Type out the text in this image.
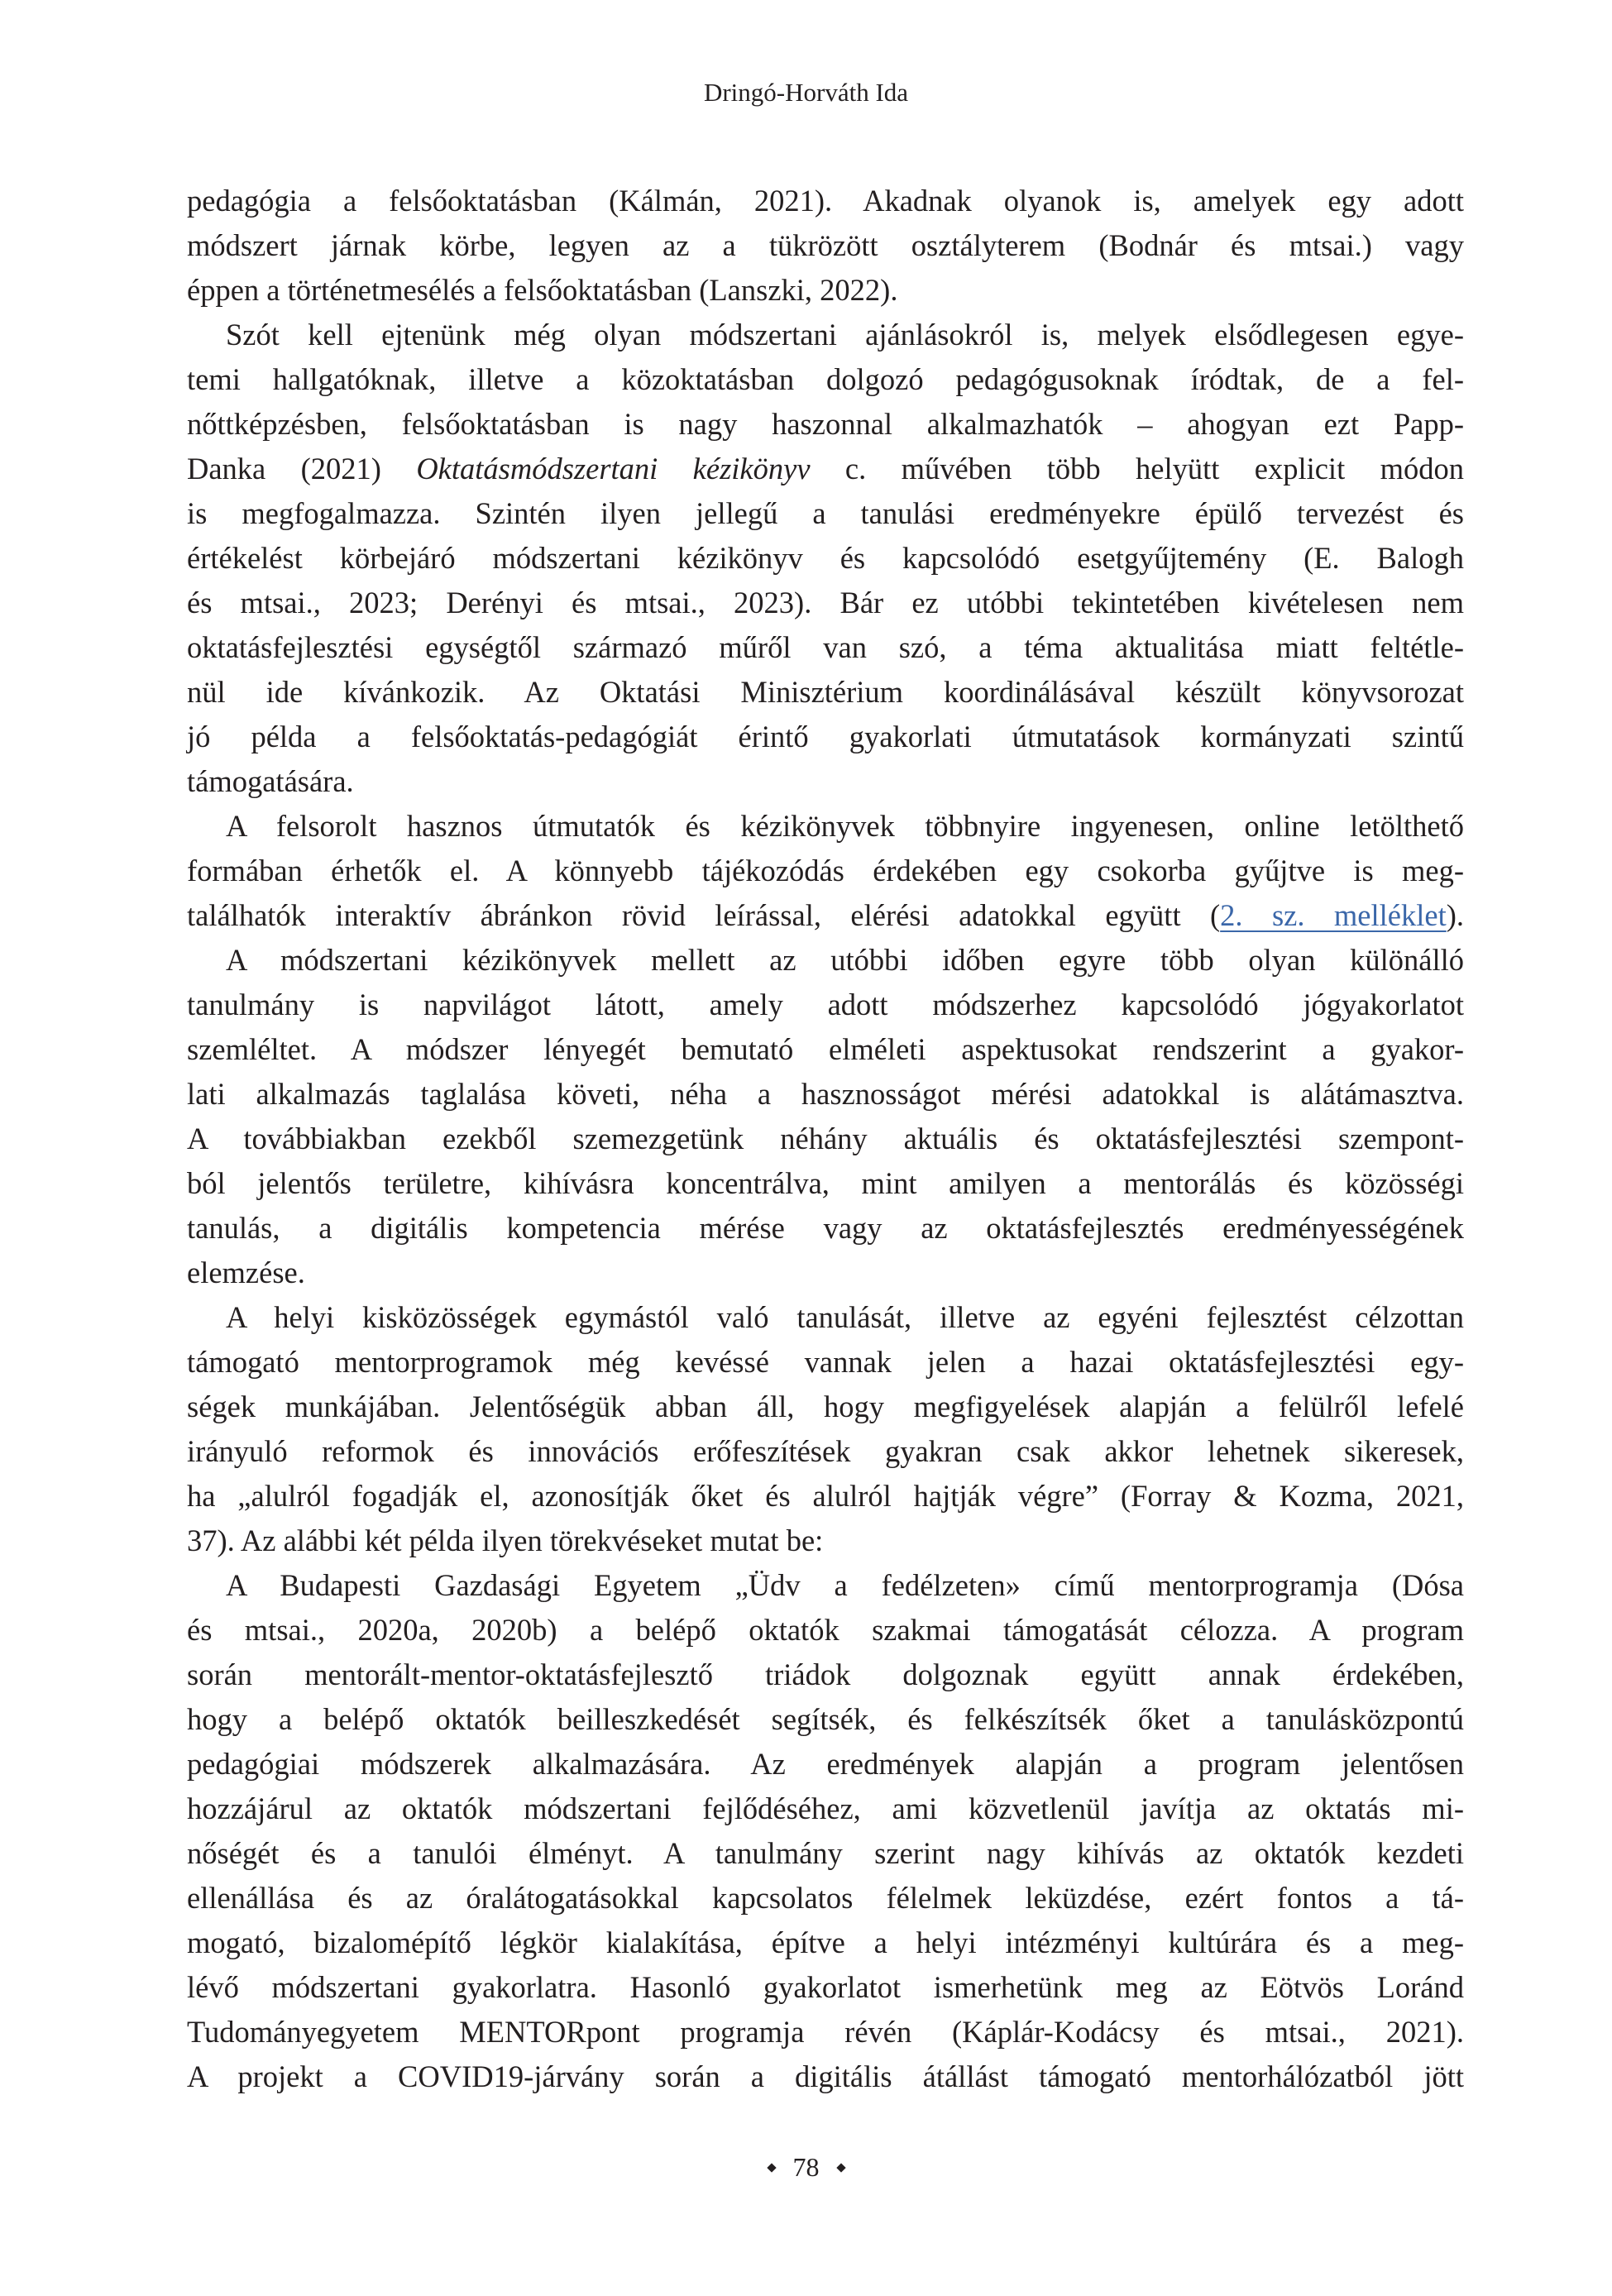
Dringó-Horváth Ida
pedagógia a felsőoktatásban (Kálmán, 2021). Akadnak olyanok is, amelyek egy adott
módszert járnak körbe, legyen az a tükrözött osztályterem (Bodnár és mtsai.) vagy
éppen a történetmesélés a felsőoktatásban (Lanszki, 2022).
Szót kell ejtenünk még olyan módszertani ajánlásokról is, melyek elsődlegesen egye-
temi hallgatóknak, illetve a közoktatásban dolgozó pedagógusoknak íródtak, de a fel-
nőttképzésben, felsőoktatásban is nagy haszonnal alkalmazhatók – ahogyan ezt Papp-
Danka (2021) Oktatásmódszertani kézikönyv c. művében több helyütt explicit módon
is megfogalmazza. Szintén ilyen jellegű a tanulási eredményekre épülő tervezést és
értékelést körbejáró módszertani kézikönyv és kapcsolódó esetgyűjtemény (E. Balogh
és mtsai., 2023; Derényi és mtsai., 2023). Bár ez utóbbi tekintetében kivételesen nem
oktatásfejlesztési egységtől származó műről van szó, a téma aktualitása miatt feltétle-
nül ide kívánkozik. Az Oktatási Minisztérium koordinálásával készült könyvsorozat
jó példa a felsőoktatás-pedagógiát érintő gyakorlati útmutatások kormányzati szintű
támogatására.
A felsorolt hasznos útmutatók és kézikönyvek többnyire ingyenesen, online letölthető
formában érhetők el. A könnyebb tájékozódás érdekében egy csokorba gyűjtve is meg-
találhatók interaktív ábránkon rövid leírással, elérési adatokkal együtt (2. sz. melléklet).
A módszertani kézikönyvek mellett az utóbbi időben egyre több olyan különálló
tanulmány is napvilágot látott, amely adott módszerhez kapcsolódó jógyakorlatot
szemléltet. A módszer lényegét bemutató elméleti aspektusokat rendszerint a gyakor-
lati alkalmazás taglalása követi, néha a hasznosságot mérési adatokkal is alátámasztva.
A továbbiakban ezekből szemezgetünk néhány aktuális és oktatásfejlesztési szempont-
ból jelentős területre, kihívásra koncentrálva, mint amilyen a mentorálás és közösségi
tanulás, a digitális kompetencia mérése vagy az oktatásfejlesztés eredményességének
elemzése.
A helyi kisközösségek egymástól való tanulását, illetve az egyéni fejlesztést célzottan
támogató mentorprogramok még kevéssé vannak jelen a hazai oktatásfejlesztési egy-
ségek munkájában. Jelentőségük abban áll, hogy megfigyelések alapján a felülről lefelé
irányuló reformok és innovációs erőfeszítések gyakran csak akkor lehetnek sikeresek,
ha „alulról fogadják el, azonosítják őket és alulról hajtják végre” (Forray & Kozma, 2021,
37). Az alábbi két példa ilyen törekvéseket mutat be:
A Budapesti Gazdasági Egyetem „Üdv a fedélzeten» című mentorprogramja (Dósa
és mtsai., 2020a, 2020b) a belépő oktatók szakmai támogatását célozza. A program
során mentorált-mentor-oktatásfejlesztő triádok dolgoznak együtt annak érdekében,
hogy a belépő oktatók beilleszkedését segítsék, és felkészítsék őket a tanulásközpontú
pedagógiai módszerek alkalmazására. Az eredmények alapján a program jelentősen
hozzájárul az oktatók módszertani fejlődéséhez, ami közvetlenül javítja az oktatás mi-
nőségét és a tanulói élményt. A tanulmány szerint nagy kihívás az oktatók kezdeti
ellenállása és az óralátogatásokkal kapcsolatos félelmek leküzdése, ezért fontos a tá-
mogató, bizalomépítő légkör kialakítása, építve a helyi intézményi kultúrára és a meg-
lévő módszertani gyakorlatra. Hasonló gyakorlatot ismerhetünk meg az Eötvös Loránd
Tudományegyetem MENTORpont programja révén (Káplár-Kodácsy és mtsai., 2021).
A projekt a COVID19-járvány során a digitális átállást támogató mentorhálózatból jött
78
